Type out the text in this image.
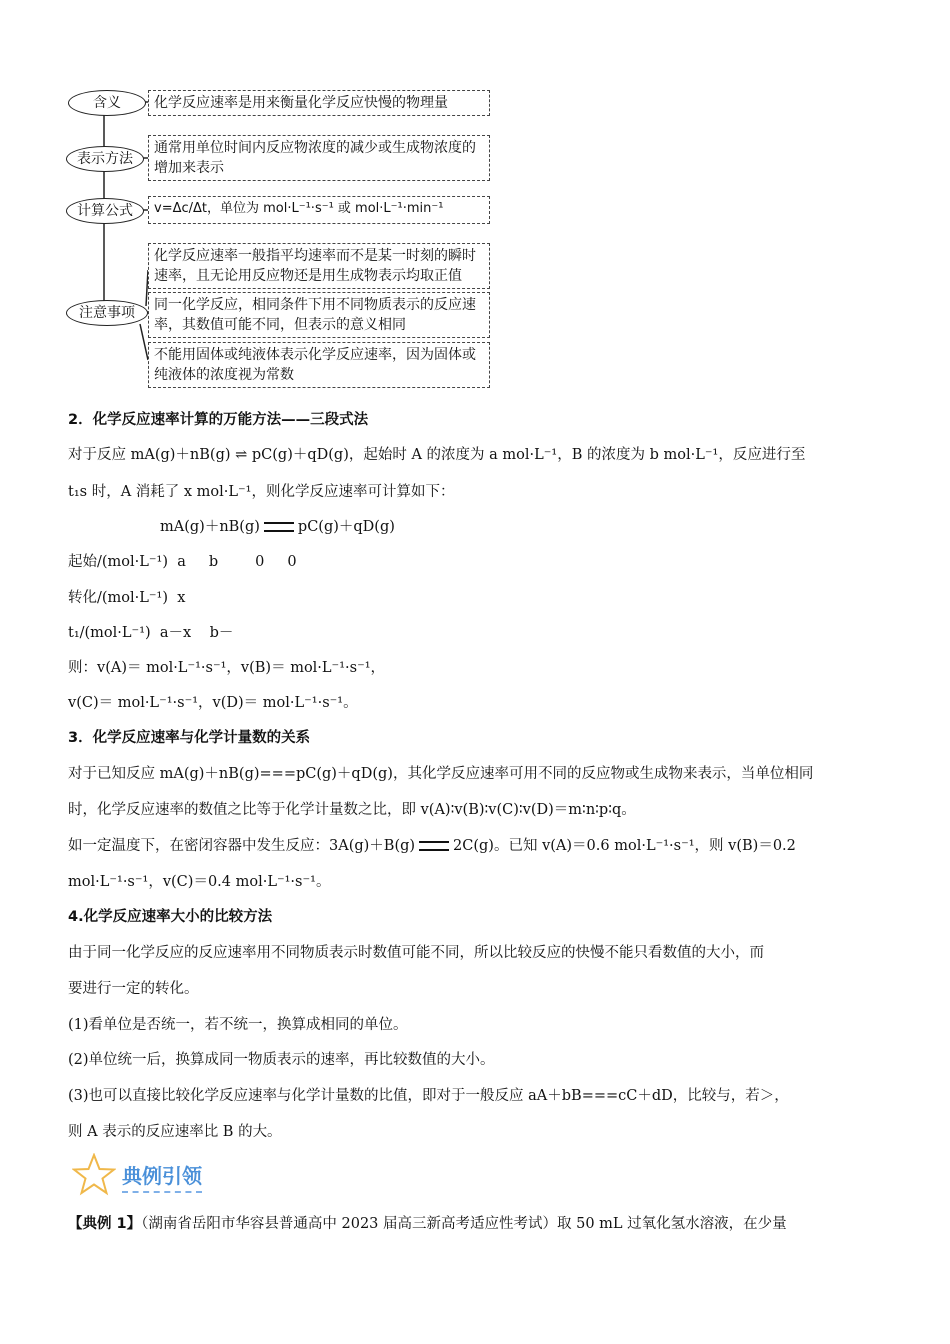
含义
表示方法
计算公式
注意事项
化学反应速率是用来衡量化学反应快慢的物理量
通常用单位时间内反应物浓度的减少或生成物浓度的增加来表示
v=Δc/Δt，单位为 mol·L⁻¹·s⁻¹ 或 mol·L⁻¹·min⁻¹
化学反应速率一般指平均速率而不是某一时刻的瞬时速率，且无论用反应物还是用生成物表示均取正值
同一化学反应，相同条件下用不同物质表示的反应速率，其数值可能不同，但表示的意义相同
不能用固体或纯液体表示化学反应速率，因为固体或纯液体的浓度视为常数
2．化学反应速率计算的万能方法——三段式法
对于反应 mA(g)＋nB(g) ⇌ pC(g)＋qD(g)，起始时 A 的浓度为 a mol·L⁻¹，B 的浓度为 b mol·L⁻¹，反应进行至
t₁s 时，A 消耗了 x mol·L⁻¹，则化学反应速率可计算如下：
mA(g)＋nB(g)	pC(g)＋qD(g)
起始/(mol·L⁻¹)  a     b        0     0
转化/(mol·L⁻¹)  x
t₁/(mol·L⁻¹)  a－x    b－
则：v(A)＝ mol·L⁻¹·s⁻¹，v(B)＝ mol·L⁻¹·s⁻¹，
v(C)＝ mol·L⁻¹·s⁻¹，v(D)＝ mol·L⁻¹·s⁻¹。
3．化学反应速率与化学计量数的关系
对于已知反应 mA(g)＋nB(g)===pC(g)＋qD(g)，其化学反应速率可用不同的反应物或生成物来表示，当单位相同
时，化学反应速率的数值之比等于化学计量数之比，即 v(A)∶v(B)∶v(C)∶v(D)＝m∶n∶p∶q。
如一定温度下，在密闭容器中发生反应：3A(g)＋B(g)	2C(g)。已知 v(A)＝0.6 mol·L⁻¹·s⁻¹，则 v(B)＝0.2
mol·L⁻¹·s⁻¹，v(C)＝0.4 mol·L⁻¹·s⁻¹。
4.化学反应速率大小的比较方法
由于同一化学反应的反应速率用不同物质表示时数值可能不同，所以比较反应的快慢不能只看数值的大小，而
要进行一定的转化。
(1)看单位是否统一，若不统一，换算成相同的单位。
(2)单位统一后，换算成同一物质表示的速率，再比较数值的大小。
(3)也可以直接比较化学反应速率与化学计量数的比值，即对于一般反应 aA＋bB===cC＋dD，比较与，若＞，
则 A 表示的反应速率比 B 的大。
典例引领
【典例 1】（湖南省岳阳市华容县普通高中 2023 届高三新高考适应性考试）取 50 mL 过氧化氢水溶液，在少量
